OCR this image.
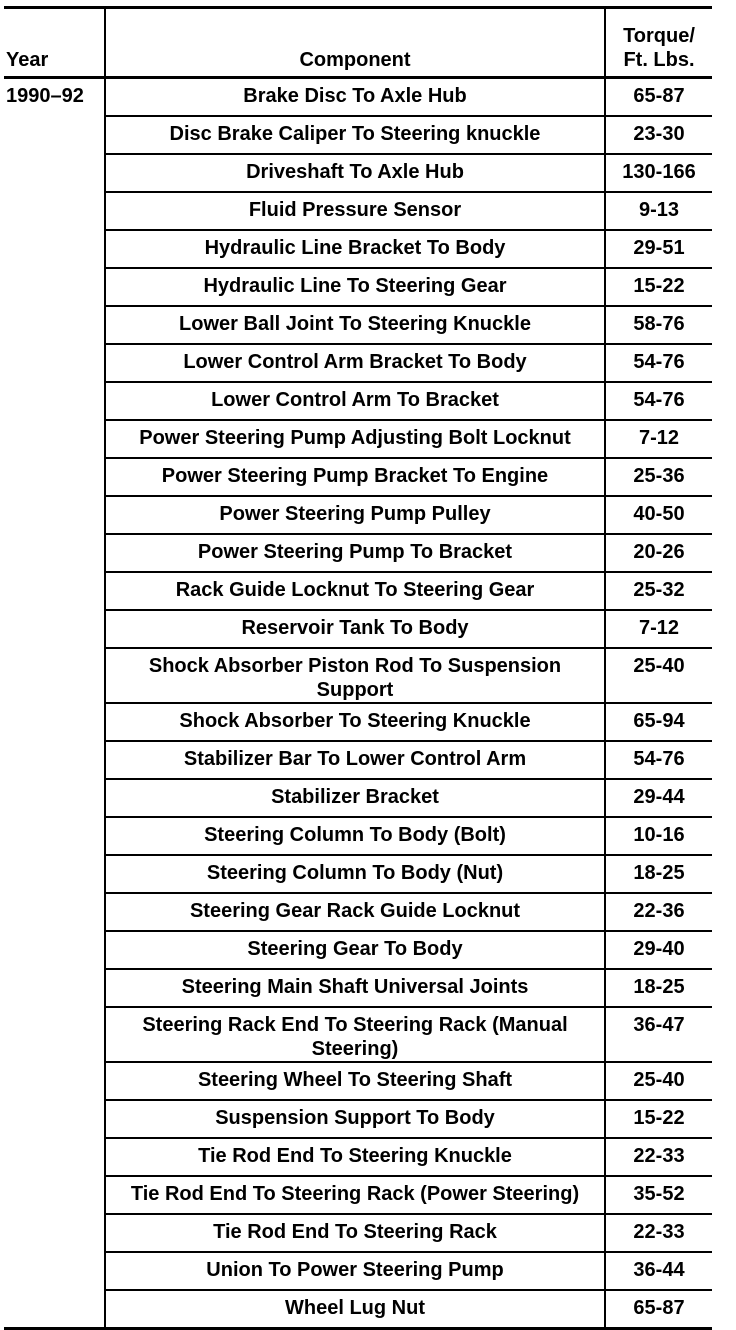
Year	Component	Torque/
Ft. Lbs.

1990–92	Brake Disc To Axle Hub	65-87
	Disc Brake Caliper To Steering knuckle	23-30
	Driveshaft To Axle Hub	130-166
	Fluid Pressure Sensor	9-13
	Hydraulic Line Bracket To Body	29-51
	Hydraulic Line To Steering Gear	15-22
	Lower Ball Joint To Steering Knuckle	58-76
	Lower Control Arm Bracket To Body	54-76
	Lower Control Arm To Bracket	54-76
	Power Steering Pump Adjusting Bolt Locknut	7-12
	Power Steering Pump Bracket To Engine	25-36
	Power Steering Pump Pulley	40-50
	Power Steering Pump To Bracket	20-26
	Rack Guide Locknut To Steering Gear	25-32
	Reservoir Tank To Body	7-12
	Shock Absorber Piston Rod To Suspension Support	25-40
	Shock Absorber To Steering Knuckle	65-94
	Stabilizer Bar To Lower Control Arm	54-76
	Stabilizer Bracket	29-44
	Steering Column To Body (Bolt)	10-16
	Steering Column To Body (Nut)	18-25
	Steering Gear Rack Guide Locknut	22-36
	Steering Gear To Body	29-40
	Steering Main Shaft Universal Joints	18-25
	Steering Rack End To Steering Rack (Manual Steering)	36-47
	Steering Wheel To Steering Shaft	25-40
	Suspension Support To Body	15-22
	Tie Rod End To Steering Knuckle	22-33
	Tie Rod End To Steering Rack (Power Steering)	35-52
	Tie Rod End To Steering Rack	22-33
	Union To Power Steering Pump	36-44
	Wheel Lug Nut	65-87
